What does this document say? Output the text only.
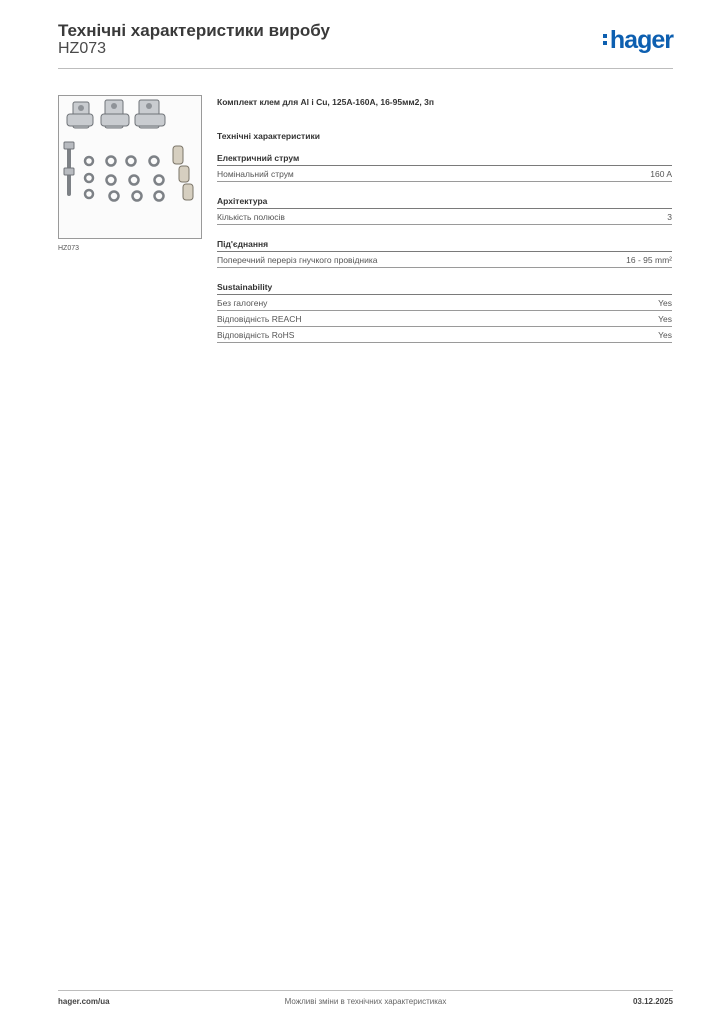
Технічні характеристики виробу
HZ073	hager
HZ073
Комплект клем для Al і Cu, 125A-160A, 16-95мм2, 3п
Технічні характеристики
Електричний струм
Номінальний струм	160 A
Архітектура
Кількість полюсів	3
Під'єднання
Поперечний переріз гнучкого провідника	16 - 95 mm²
Sustainability
Без галогену	Yes
Відповідність REACH	Yes
Відповідність RoHS	Yes
Можливі зміни в технічних характеристиках
hager.com/ua	03.12.2025
